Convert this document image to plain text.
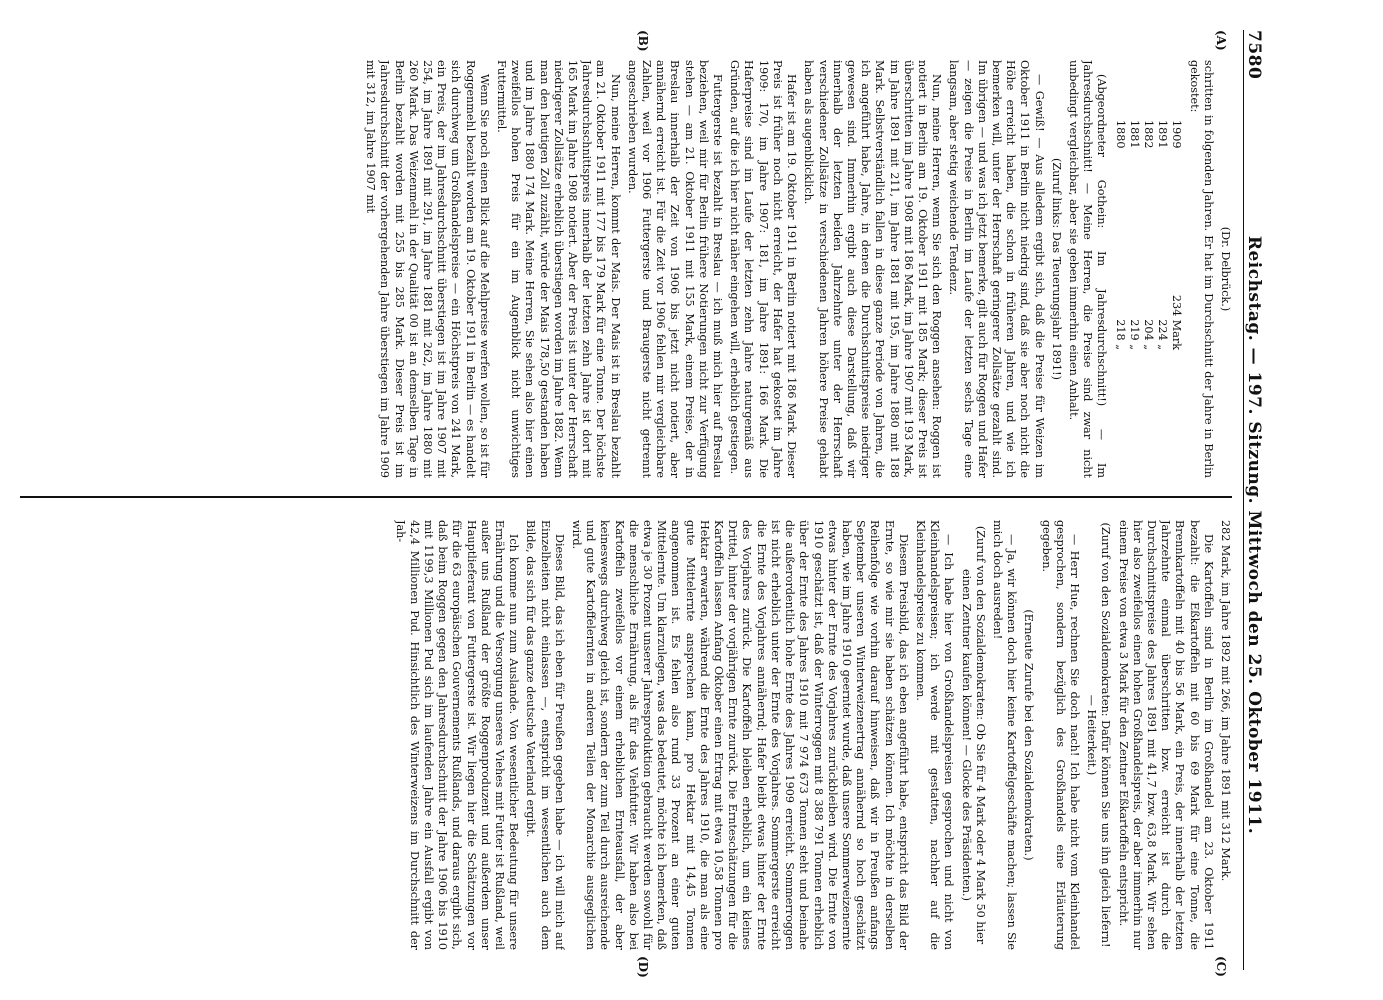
7580
Reichstag. — 197. Sitzung. Mittwoch den 25. Oktober 1911.
(A)
(B)
(C)
(D)

(Dr. Delbrück.)

schritten in folgenden Jahren. Er hat im Durchschnitt der Jahre in Berlin gekostet:

1909
234 Mark
1891
224 „
1882
204 „
1881
219 „
1880
218 „

(Abgeordneter Gothein: Im Jahresdurchschnitt!) — Im Jahresdurchschnitt! — Meine Herren, die Preise sind zwar nicht unbedingt vergleichbar, aber sie geben immerhin einen Anhalt.

(Zuruf links: Das Teuerungsjahr 1891!)

— Gewiß! — Aus alledem ergibt sich, daß die Preise für Weizen im Oktober 1911 in Berlin nicht niedrig sind, daß sie aber noch nicht die Höhe erreicht haben, die schon in früheren Jahren, und wie ich bemerken will, unter der Herrschaft geringerer Zollsätze gezahlt sind. Im übrigen — und was ich jetzt bemerke, gilt auch für Roggen und Hafer — zeigen die Preise in Berlin im Laufe der letzten sechs Tage eine langsam, aber stetig weichende Tendenz.

Nun, meine Herren, wenn Sie sich den Roggen ansehen: Roggen ist notiert in Berlin am 19. Oktober 1911 mit 185 Mark; dieser Preis ist überschritten im Jahre 1908 mit 186 Mark, im Jahre 1907 mit 193 Mark, im Jahre 1891 mit 211, im Jahre 1881 mit 195, im Jahre 1880 mit 188 Mark. Selbstverständlich fallen in diese ganze Periode von Jahren, die ich angeführt habe, Jahre, in denen die Durchschnittspreise niedriger gewesen sind. Immerhin ergibt auch diese Darstellung, daß wir innerhalb der letzten beiden Jahrzehnte unter der Herrschaft verschiedener Zollsätze in verschiedenen Jahren höhere Preise gehabt haben als augenblicklich.

Hafer ist am 19. Oktober 1911 in Berlin notiert mit 186 Mark. Dieser Preis ist früher noch nicht erreicht, der Hafer hat gekostet im Jahre 1909: 170, im Jahre 1907: 181, im Jahre 1891: 166 Mark. Die Haferpreise sind im Laufe der letzten zehn Jahre naturgemäß aus Gründen, auf die ich hier nicht näher eingehen will, erheblich gestiegen.

Futtergerste ist bezahlt in Breslau — ich muß mich hier auf Breslau beziehen, weil mir für Berlin frühere Notierungen nicht zur Verfügung stehen — am 21. Oktober 1911 mit 155 Mark, einem Preise, der in Breslau innerhalb der Zeit von 1906 bis jetzt nicht notiert, aber annähernd erreicht ist. Für die Zeit vor 1906 fehlen mir vergleichbare Zahlen, weil vor 1906 Futtergerste und Braugerste nicht getrennt angeschrieben wurden.

Nun, meine Herren, kommt der Mais. Der Mais ist in Breslau bezahlt am 21. Oktober 1911 mit 177 bis 179 Mark für eine Tonne. Der höchste Jahresdurchschnittspreis innerhalb der letzten zehn Jahre ist dort mit 165 Mark im Jahre 1908 notiert. Aber der Preis ist unter der Herrschaft niedrigerer Zollsätze erheblich überstiegen worden im Jahre 1882. Wenn man den heutigen Zoll zuzählt, würde der Mais 178,50 gestanden haben und im Jahre 1880 174 Mark. Meine Herren, Sie sehen also hier einen zweifellos hohen Preis für ein im Augenblick nicht unwichtiges Futtermittel.

Wenn Sie noch einen Blick auf die Mehlpreise werfen wollen, so ist für Roggenmehl bezahlt worden am 19. Oktober 1911 in Berlin — es handelt sich durchweg um Großhandelspreise — ein Höchstpreis von 241 Mark, ein Preis, der im Jahresdurchschnitt überstiegen ist im Jahre 1907 mit 254, im Jahre 1891 mit 291, im Jahre 1881 mit 262, im Jahre 1880 mit 260 Mark. Das Weizenmehl in der Qualität 00 ist an demselben Tage in Berlin bezahlt worden mit 255 bis 285 Mark. Dieser Preis ist im Jahresdurchschnitt der vorhergehenden Jahre überstiegen im Jahre 1909 mit 312, im Jahre 1907 mit

282 Mark, im Jahre 1892 mit 266, im Jahre 1891 mit 312 Mark.

Die Kartoffeln sind in Berlin im Großhandel am 23. Oktober 1911 bezahlt: die Eßkartoffeln mit 60 bis 69 Mark für eine Tonne, die Brennkartoffeln mit 40 bis 56 Mark, ein Preis, der innerhalb der letzten Jahrzehnte einmal überschritten bzw. erreicht ist durch die Durchschnittspreise des Jahres 1891 mit 41,7 bzw. 63,8 Mark. Wir sehen hier also zweifellos einen hohen Großhandelspreis, der aber immerhin nur einem Preise von etwa 3 Mark für den Zentner Eßkartoffeln entspricht.

(Zuruf von den Sozialdemokraten: Dafür können Sie uns ihn gleich liefern! — Heiterkeit.)

— Herr Hue, rechnen Sie doch nach! Ich habe nicht vom Kleinhandel gesprochen, sondern bezüglich des Großhandels eine Erläuterung gegeben.

(Erneute Zurufe bei den Sozialdemokraten.)

— Ja, wir können doch hier keine Kartoffelgeschäfte machen; lassen Sie mich doch ausreden!

(Zuruf von den Sozialdemokraten: Ob Sie für 4 Mark oder 4 Mark 50 hier einen Zentner kaufen können! — Glocke des Präsidenten.)

— Ich habe hier von Großhandelspreisen gesprochen und nicht von Kleinhandelspreisen; ich werde mit gestatten, nachher auf die Kleinhandelspreise zu kommen.

Diesem Preisbild, das ich eben angeführt habe, entspricht das Bild der Ernte, so wie mir sie haben schätzen können. Ich möchte in derselben Reihenfolge wie vorhin darauf hinweisen, daß wir in Preußen anfangs September unseren Winterweizenertrag annähernd so hoch geschätzt haben, wie im Jahre 1910 geerntet wurde, daß unsere Sommerweizenernte etwas hinter der Ernte des Vorjahres zurückbleiben wird. Die Ernte von 1910 geschätzt ist, daß der Winterroggen mit 8 388 791 Tonnen erheblich über der Ernte des Jahres 1910 mit 7 974 673 Tonnen steht und beinahe die außerordentlich hohe Ernte des Jahres 1909 erreicht. Sommerroggen ist nicht erheblich unter der Ernte des Vorjahres. Sommergerste erreicht die Ernte des Vorjahres annähernd; Hafer bleibt etwas hinter der Ernte des Vorjahres zurück. Die Kartoffeln bleiben erheblich, um ein kleines Drittel, hinter der vorjährigen Ernte zurück. Die Ernteschätzungen für die Kartoffeln lassen Anfang Oktober einen Ertrag mit etwa 10,58 Tonnen pro Hektar erwarten, während die Ernte des Jahres 1910, die man als eine gute Mittelernte ansprechen kann, pro Hektar mit 14,45 Tonnen angenommen ist. Es fehlen also rund 33 Prozent an einer guten Mittelernte. Um klarzulegen, was das bedeutet, möchte ich bemerken, daß etwa je 30 Prozent unserer Jahresproduktion gebraucht werden sowohl für die menschliche Ernährung, als für das Viehfutter. Wir haben also bei Kartoffeln zweifellos vor einem erheblichen Ernteausfall, der aber keineswegs durchweg gleich ist, sondern der zum Teil durch ausreichende und gute Kartoffelernten in anderen Teilen der Monarchie ausgeglichen wird.

Dieses Bild, das ich eben für Preußen gegeben habe — ich will mich auf Einzelheiten nicht einlassen —, entspricht im wesentlichen auch dem Bilde, das sich für das ganze deutsche Vaterland ergibt.

Ich komme nun zum Auslande. Von wesentlicher Bedeutung für unsere Ernährung und die Versorgung unseres Viehes mit Futter ist Rußland, weil außer uns Rußland der größte Roggenproduzent und außerdem unser Hauptlieferant von Futtergerste ist. Wir liegen hier die Schätzungen vor für die 63 europäischen Gouvernements Rußlands, und daraus ergibt sich, daß beim Roggen gegen den Jahresdurchschnitt der Jahre 1906 bis 1910 mit 1199,3 Millionen Pud sich im laufenden Jahre ein Ausfall ergibt von 42,4 Millionen Pud. Hinsichtlich des Winterweizens im Durchschnitt der Jah-
